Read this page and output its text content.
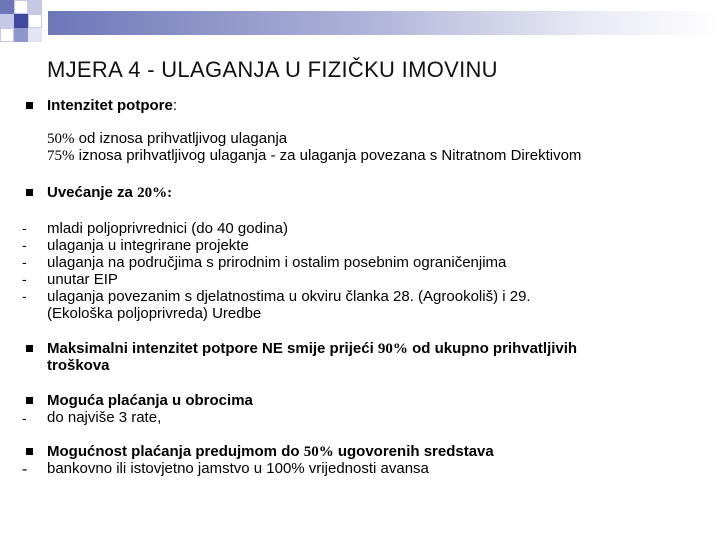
MJERA 4 - ULAGANJA U FIZIČKU IMOVINU
Intenzitet potpore:
50% od iznosa prihvatljivog ulaganja
75% iznosa prihvatljivog ulaganja - za ulaganja povezana s Nitratnom Direktivom
Uvećanje za 20%:
- mladi poljoprivrednici (do 40 godina)
- ulaganja u integrirane projekte
- ulaganja na područjima s prirodnim i ostalim posebnim ograničenjima
- unutar EIP
- ulaganja povezanim s djelatnostima u okviru članka 28. (Agrookoliš) i 29.
(Ekološka poljoprivreda) Uredbe
Maksimalni intenzitet potpore NE smije prijeći 90% od ukupno prihvatljivih
troškova
Moguća plaćanja u obrocima
- do najviše 3 rate,
Mogućnost plaćanja predujmom do 50% ugovorenih sredstava
- bankovno ili istovjetno jamstvo u 100% vrijednosti avansa
